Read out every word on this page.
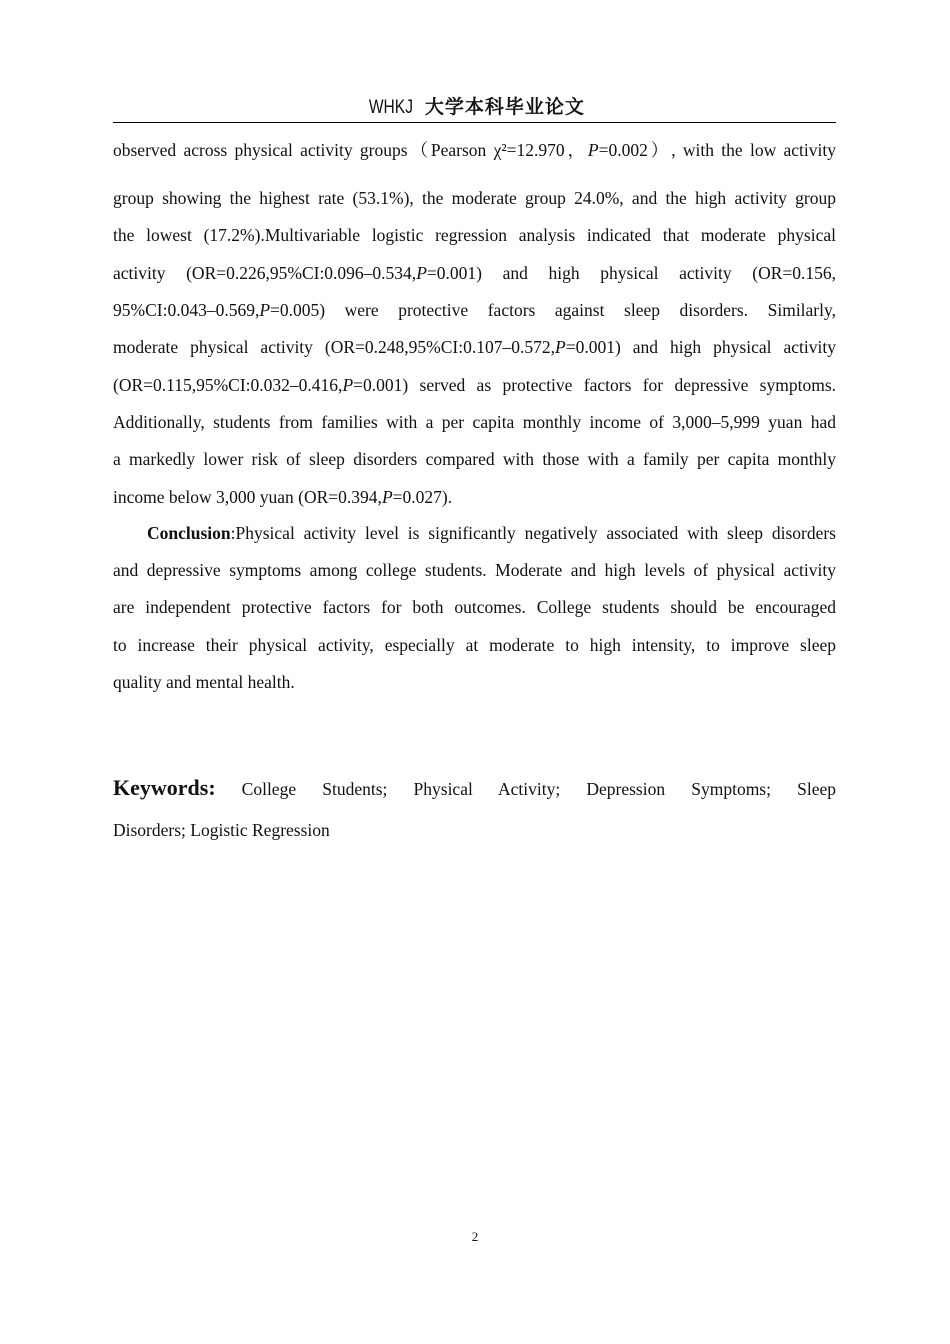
WHKJ 大学本科毕业论文
observed across physical activity groups（Pearson χ²=12.970，P=0.002）, with the low activity
group showing the highest rate (53.1%), the moderate group 24.0%, and the high activity group
the lowest (17.2%).Multivariable logistic regression analysis indicated that moderate physical
activity (OR=0.226,95%CI:0.096–0.534,P=0.001) and high physical activity (OR=0.156,
95%CI:0.043–0.569,P=0.005) were protective factors against sleep disorders. Similarly,
moderate physical activity (OR=0.248,95%CI:0.107–0.572,P=0.001) and high physical activity
(OR=0.115,95%CI:0.032–0.416,P=0.001) served as protective factors for depressive symptoms.
Additionally, students from families with a per capita monthly income of 3,000–5,999 yuan had
a markedly lower risk of sleep disorders compared with those with a family per capita monthly
income below 3,000 yuan (OR=0.394,P=0.027).
Conclusion:Physical activity level is significantly negatively associated with sleep disorders
and depressive symptoms among college students. Moderate and high levels of physical activity
are independent protective factors for both outcomes. College students should be encouraged
to increase their physical activity, especially at moderate to high intensity, to improve sleep
quality and mental health.
Keywords: College Students; Physical Activity; Depression Symptoms; Sleep
Disorders; Logistic Regression
2
